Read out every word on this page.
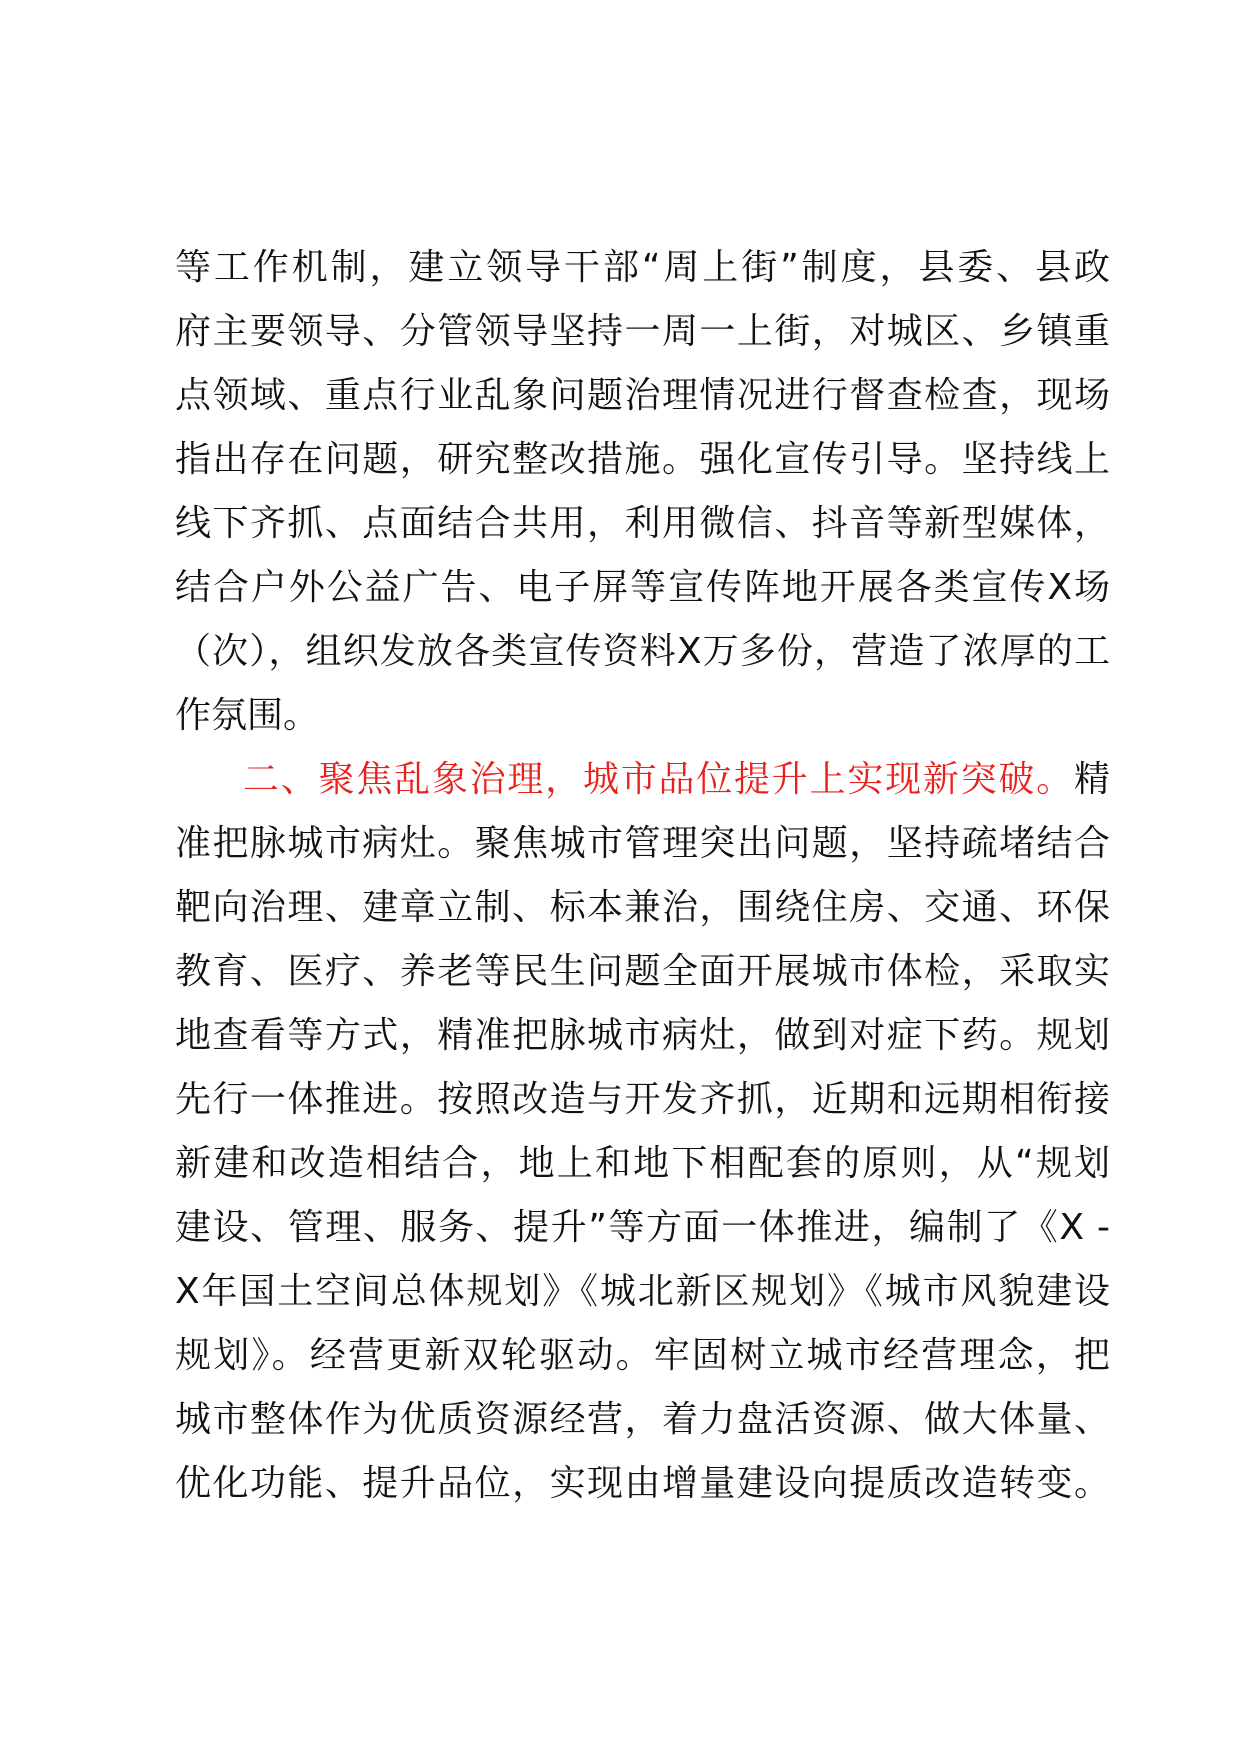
等工作机制，建立领导干部“周上街”制度，县委、县政
府主要领导、分管领导坚持一周一上街，对城区、乡镇重
点领域、重点行业乱象问题治理情况进行督查检查，现场
指出存在问题，研究整改措施。强化宣传引导。坚持线上
线下齐抓、点面结合共用，利用微信、抖音等新型媒体，
结合户外公益广告、电子屏等宣传阵地开展各类宣传X场
（次），组织发放各类宣传资料X万多份，营造了浓厚的工
作氛围。
二、聚焦乱象治理，城市品位提升上实现新突破。精
准把脉城市病灶。聚焦城市管理突出问题，坚持疏堵结合
靶向治理、建章立制、标本兼治，围绕住房、交通、环保
教育、医疗、养老等民生问题全面开展城市体检，采取实
地查看等方式，精准把脉城市病灶，做到对症下药。规划
先行一体推进。按照改造与开发齐抓，近期和远期相衔接
新建和改造相结合，地上和地下相配套的原则，从“规划
建设、管理、服务、提升”等方面一体推进，编制了《X -
X年国土空间总体规划》《城北新区规划》《城市风貌建设
规划》。经营更新双轮驱动。牢固树立城市经营理念，把
城市整体作为优质资源经营，着力盘活资源、做大体量、
优化功能、提升品位，实现由增量建设向提质改造转变。
